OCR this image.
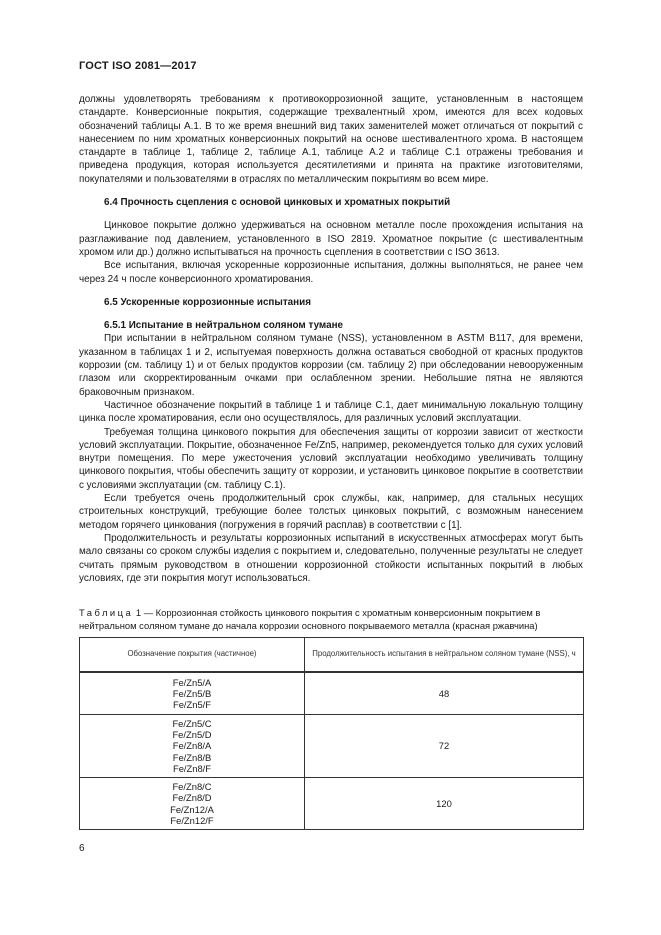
ГОСТ ISO 2081—2017

должны удовлетворять требованиям к противокоррозионной защите, установленным в настоящем стандарте. Конверсионные покрытия, содержащие трехвалентный хром, имеются для всех кодовых обозначений таблицы А.1. В то же время внешний вид таких заменителей может отличаться от покрытий с нанесением по ним хроматных конверсионных покрытий на основе шестивалентного хрома. В настоящем стандарте в таблице 1, таблице 2, таблице А.1, таблице А.2 и таблице С.1 отражены требования и приведена продукция, которая используется десятилетиями и принята на практике изготовителями, покупателями и пользователями в отраслях по металлическим покрытиям во всем мире.

6.4 Прочность сцепления с основой цинковых и хроматных покрытий

Цинковое покрытие должно удерживаться на основном металле после прохождения испытания на разглаживание под давлением, установленного в ISO 2819. Хроматное покрытие (с шестивалентным хромом или др.) должно испытываться на прочность сцепления в соответствии с ISO 3613.

Все испытания, включая ускоренные коррозионные испытания, должны выполняться, не ранее чем через 24 ч после конверсионного хроматирования.

6.5 Ускоренные коррозионные испытания
6.5.1 Испытание в нейтральном соляном тумане

При испытании в нейтральном соляном тумане (NSS), установленном в ASTM B117, для времени, указанном в таблицах 1 и 2, испытуемая поверхность должна оставаться свободной от красных продуктов коррозии (см. таблицу 1) и от белых продуктов коррозии (см. таблицу 2) при обследовании невооруженным глазом или скорректированным очками при ослабленном зрении. Небольшие пятна не являются браковочным признаком.

Частичное обозначение покрытий в таблице 1 и таблице С.1, дает минимальную локальную толщину цинка после хроматирования, если оно осуществлялось, для различных условий эксплуатации.

Требуемая толщина цинкового покрытия для обеспечения защиты от коррозии зависит от жесткости условий эксплуатации. Покрытие, обозначенное Fe/Zn5, например, рекомендуется только для сухих условий внутри помещения. По мере ужесточения условий эксплуатации необходимо увеличивать толщину цинкового покрытия, чтобы обеспечить защиту от коррозии, и установить цинковое покрытие в соответствии с условиями эксплуатации (см. таблицу С.1).

Если требуется очень продолжительный срок службы, как, например, для стальных несущих строительных конструкций, требующие более толстых цинковых покрытий, с возможным нанесением методом горячего цинкования (погружения в горячий расплав) в соответствии с [1].

Продолжительность и результаты коррозионных испытаний в искусственных атмосферах могут быть мало связаны со сроком службы изделия с покрытием и, следовательно, полученные результаты не следует считать прямым руководством в отношении коррозионной стойкости испытанных покрытий в любых условиях, где эти покрытия могут использоваться.

Таблица 1 — Коррозионная стойкость цинкового покрытия с хроматным конверсионным покрытием в нейтральном соляном тумане до начала коррозии основного покрываемого металла (красная ржавчина)
Обозначение покрытия (частичное)	Продолжительность испытания в нейтральном соляном тумане (NSS), ч

Fe/Zn5/A
Fe/Zn5/B
Fe/Zn5/F	48

Fe/Zn5/C
Fe/Zn5/D
Fe/Zn8/A
Fe/Zn8/B
Fe/Zn8/F	72

Fe/Zn8/C
Fe/Zn8/D
Fe/Zn12/A
Fe/Zn12/F	120
6
